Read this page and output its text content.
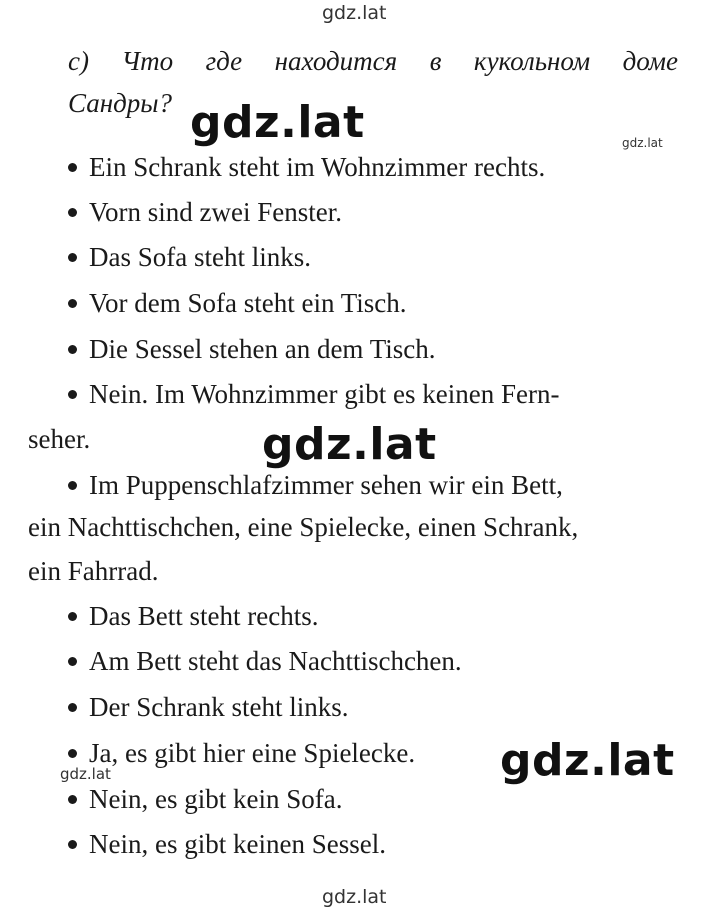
gdz.lat
c) Что где находится в кукольном доме
Сандры? gdz.lat	gdz.lat
Ein Schrank steht im Wohnzimmer rechts.
Vorn sind zwei Fenster.
Das Sofa steht links.
Vor dem Sofa steht ein Tisch.
Die Sessel stehen an dem Tisch.
Nein. Im Wohnzimmer gibt es keinen Fern-
seher.	gdz.lat
Im Puppenschlafzimmer sehen wir ein Bett,
ein Nachttischchen, eine Spielecke, einen Schrank,
ein Fahrrad.
Das Bett steht rechts.
Am Bett steht das Nachttischchen.
Der Schrank steht links.
Ja, es gibt hier eine Spielecke. gdz.lat
gdz.lat
Nein, es gibt kein Sofa.
Nein, es gibt keinen Sessel.
gdz.lat
